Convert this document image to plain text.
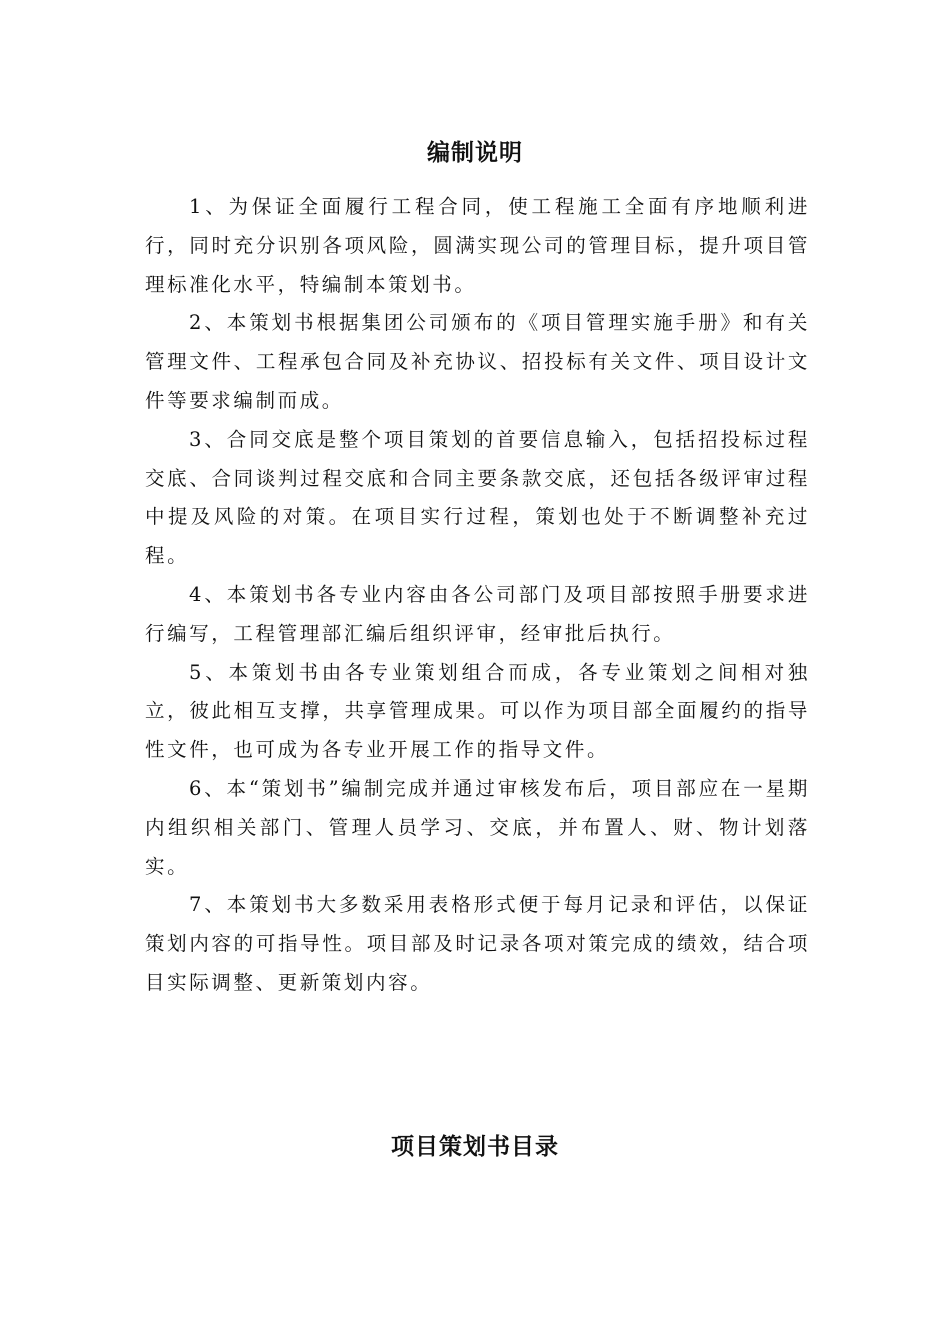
编制说明

1、为保证全面履行工程合同，使工程施工全面有序地顺利进行，同时充分识别各项风险，圆满实现公司的管理目标，提升项目管理标准化水平，特编制本策划书。

2、本策划书根据集团公司颁布的《项目管理实施手册》和有关管理文件、工程承包合同及补充协议、招投标有关文件、项目设计文件等要求编制而成。

3、合同交底是整个项目策划的首要信息输入，包括招投标过程交底、合同谈判过程交底和合同主要条款交底，还包括各级评审过程中提及风险的对策。在项目实行过程，策划也处于不断调整补充过程。

4、本策划书各专业内容由各公司部门及项目部按照手册要求进行编写，工程管理部汇编后组织评审，经审批后执行。

5、本策划书由各专业策划组合而成，各专业策划之间相对独立，彼此相互支撑，共享管理成果。可以作为项目部全面履约的指导性文件，也可成为各专业开展工作的指导文件。

6、本“策划书”编制完成并通过审核发布后，项目部应在一星期内组织相关部门、管理人员学习、交底，并布置人、财、物计划落实。

7、本策划书大多数采用表格形式便于每月记录和评估，以保证策划内容的可指导性。项目部及时记录各项对策完成的绩效，结合项目实际调整、更新策划内容。

项目策划书目录
